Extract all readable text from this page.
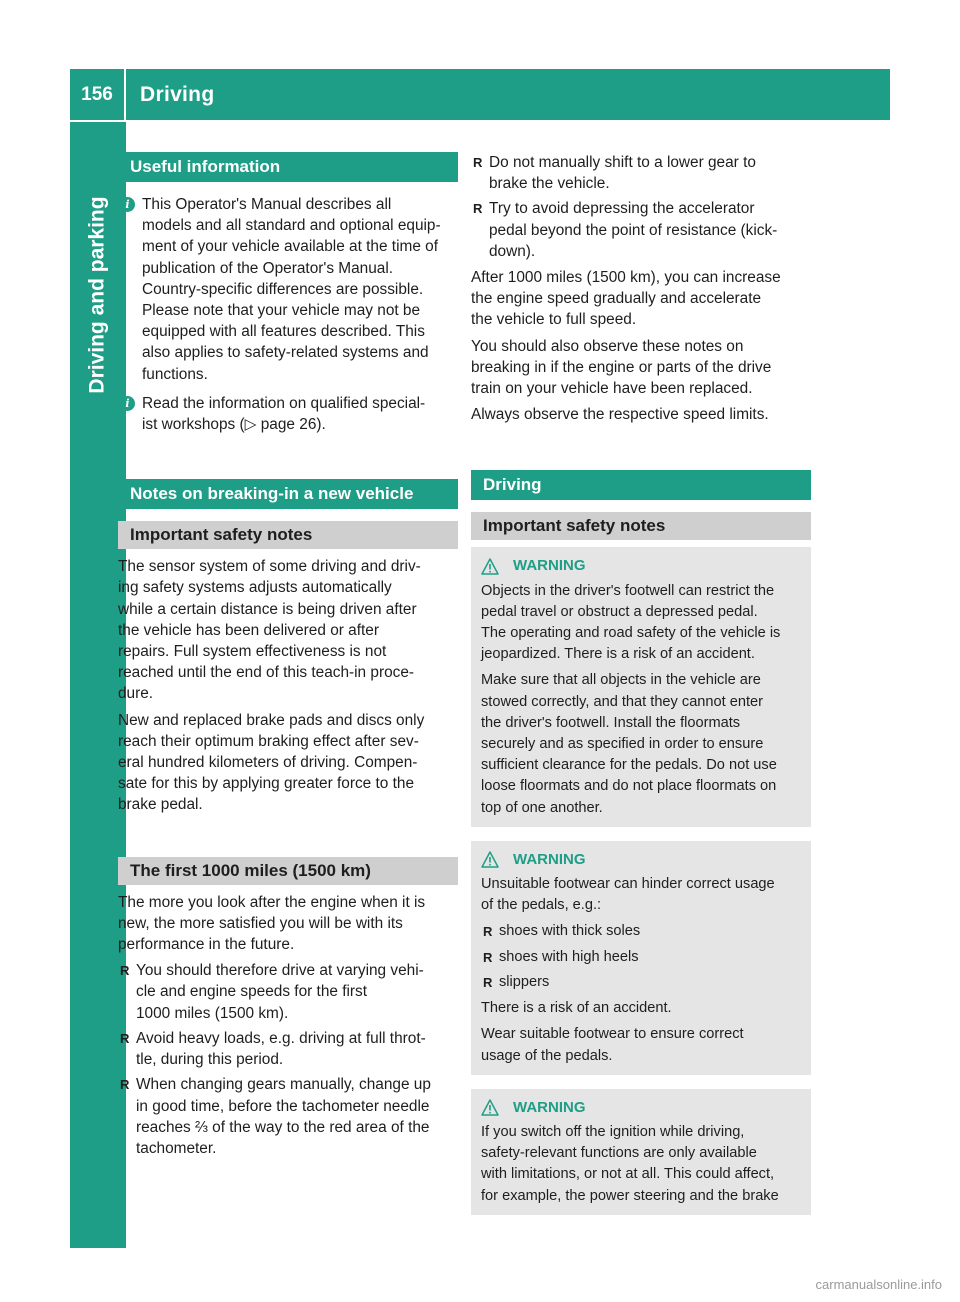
156	Driving
Driving and parking
Useful information
i This Operator's Manual describes all
models and all standard and optional equip-
ment of your vehicle available at the time of
publication of the Operator's Manual.
Country-specific differences are possible.
Please note that your vehicle may not be
equipped with all features described. This
also applies to safety-related systems and
functions.
i Read the information on qualified special-
ist workshops (▷ page 26).
Notes on breaking-in a new vehicle
Important safety notes

The sensor system of some driving and driv-
ing safety systems adjusts automatically
while a certain distance is being driven after
the vehicle has been delivered or after
repairs. Full system effectiveness is not
reached until the end of this teach-in proce-
dure.

New and replaced brake pads and discs only
reach their optimum braking effect after sev-
eral hundred kilometers of driving. Compen-
sate for this by applying greater force to the
brake pedal.

The first 1000 miles (1500 km)

The more you look after the engine when it is
new, the more satisfied you will be with its
performance in the future.

R You should therefore drive at varying vehi-
cle and engine speeds for the first
1000 miles (1500 km).
R Avoid heavy loads, e.g. driving at full throt-
tle, during this period.
R When changing gears manually, change up
in good time, before the tachometer needle
reaches ⅔ of the way to the red area of the
tachometer.
R Do not manually shift to a lower gear to
brake the vehicle.
R Try to avoid depressing the accelerator
pedal beyond the point of resistance (kick-
down).

After 1000 miles (1500 km), you can increase
the engine speed gradually and accelerate
the vehicle to full speed.

You should also observe these notes on
breaking in if the engine or parts of the drive
train on your vehicle have been replaced.

Always observe the respective speed limits.

Driving
Important safety notes
WARNING

Objects in the driver's footwell can restrict the
pedal travel or obstruct a depressed pedal.
The operating and road safety of the vehicle is
jeopardized. There is a risk of an accident.

Make sure that all objects in the vehicle are
stowed correctly, and that they cannot enter
the driver's footwell. Install the floormats
securely and as specified in order to ensure
sufficient clearance for the pedals. Do not use
loose floormats and do not place floormats on
top of one another.

WARNING

Unsuitable footwear can hinder correct usage
of the pedals, e.g.:

R shoes with thick soles
R shoes with high heels
R slippers

There is a risk of an accident.

Wear suitable footwear to ensure correct
usage of the pedals.

WARNING

If you switch off the ignition while driving,
safety-relevant functions are only available
with limitations, or not at all. This could affect,
for example, the power steering and the brake

carmanualsonline.info
